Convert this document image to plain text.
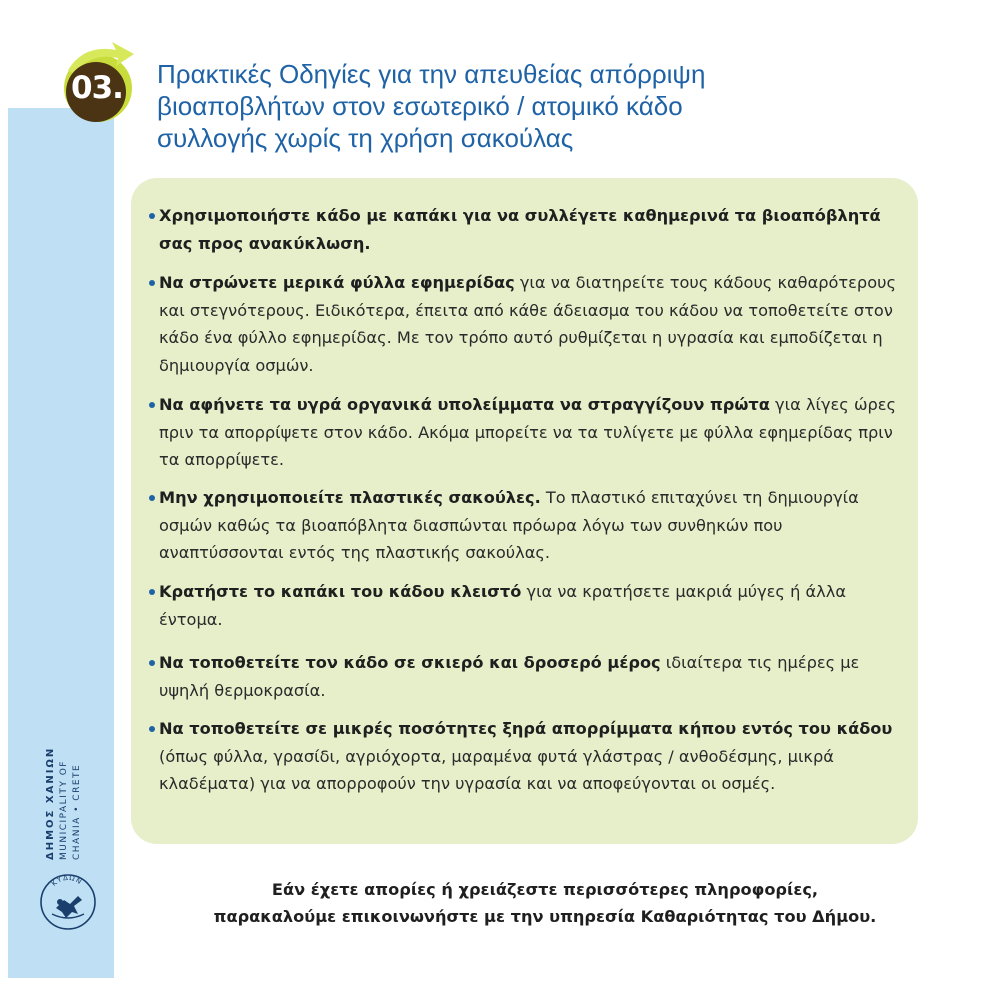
03.	Πρακτικές Οδηγίες για την απευθείας απόρριψη
βιοαποβλήτων στον εσωτερικό / ατομικό κάδο
συλλογής χωρίς τη χρήση σακούλας
Χρησιμοποιήστε κάδο με καπάκι για να συλλέγετε καθημερινά τα βιοαπόβλητά σας προς ανακύκλωση.
Να στρώνετε μερικά φύλλα εφημερίδας για να διατηρείτε τους κάδους καθαρότερους και στεγνότερους. Ειδικότερα, έπειτα από κάθε άδειασμα του κάδου να τοποθετείτε στον κάδο ένα φύλλο εφημερίδας. Με τον τρόπο αυτό ρυθμίζεται η υγρασία και εμποδίζεται η δημιουργία οσμών.
Να αφήνετε τα υγρά οργανικά υπολείμματα να στραγγίζουν πρώτα για λίγες ώρες πριν τα απορρίψετε στον κάδο. Ακόμα μπορείτε να τα τυλίγετε με φύλλα εφημερίδας πριν τα απορρίψετε.
Μην χρησιμοποιείτε πλαστικές σακούλες. Το πλαστικό επιταχύνει τη δημιουργία οσμών καθώς τα βιοαπόβλητα διασπώνται πρόωρα λόγω των συνθηκών που αναπτύσσονται εντός της πλαστικής σακούλας.
Κρατήστε το καπάκι του κάδου κλειστό για να κρατήσετε μακριά μύγες ή άλλα έντομα.
Να τοποθετείτε τον κάδο σε σκιερό και δροσερό μέρος ιδιαίτερα τις ημέρες με υψηλή θερμοκρασία.
Να τοποθετείτε σε μικρές ποσότητες ξηρά απορρίμματα κήπου εντός του κάδου (όπως φύλλα, γρασίδι, αγριόχορτα, μαραμένα φυτά γλάστρας / ανθοδέσμης, μικρά κλαδέματα) για να απορροφούν την υγρασία και να αποφεύγονται οι οσμές.
Εάν έχετε απορίες ή χρειάζεστε περισσότερες πληροφορίες,
παρακαλούμε επικοινωνήστε με την υπηρεσία Καθαριότητας του Δήμου.
ΔΗΜΟΣ ΧΑΝΙΩΝ MUNICIPALITY OF CHANIA • CRETE
ΚΥΔΩΝ
